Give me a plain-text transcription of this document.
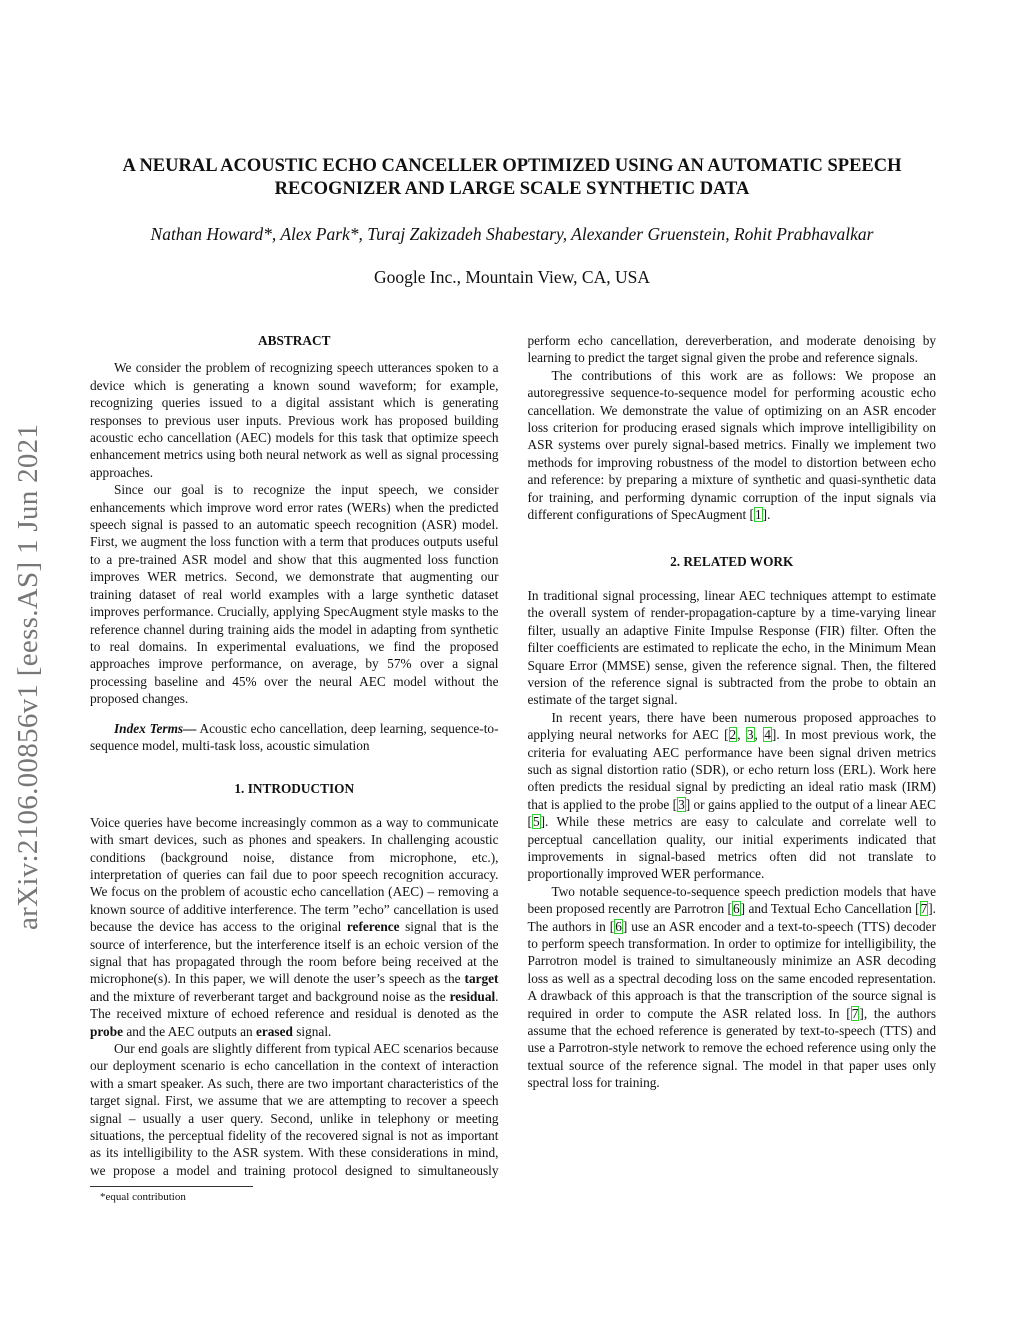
arXiv:2106.00856v1 [eess.AS] 1 Jun 2021
A NEURAL ACOUSTIC ECHO CANCELLER OPTIMIZED USING AN AUTOMATIC SPEECH RECOGNIZER AND LARGE SCALE SYNTHETIC DATA
Nathan Howard*, Alex Park*, Turaj Zakizadeh Shabestary, Alexander Gruenstein, Rohit Prabhavalkar
Google Inc., Mountain View, CA, USA
ABSTRACT

We consider the problem of recognizing speech utterances spoken to a device which is generating a known sound waveform; for example, recognizing queries issued to a digital assistant which is generating responses to previous user inputs. Previous work has proposed building acoustic echo cancellation (AEC) models for this task that optimize speech enhancement metrics using both neural network as well as signal processing approaches.

Since our goal is to recognize the input speech, we consider enhancements which improve word error rates (WERs) when the predicted speech signal is passed to an automatic speech recognition (ASR) model. First, we augment the loss function with a term that produces outputs useful to a pre-trained ASR model and show that this augmented loss function improves WER metrics. Second, we demonstrate that augmenting our training dataset of real world examples with a large synthetic dataset improves performance. Crucially, applying SpecAugment style masks to the reference channel during training aids the model in adapting from synthetic to real domains. In experimental evaluations, we find the proposed approaches improve performance, on average, by 57% over a signal processing baseline and 45% over the neural AEC model without the proposed changes.

Index Terms— Acoustic echo cancellation, deep learning, sequence-to-sequence model, multi-task loss, acoustic simulation

1. INTRODUCTION

Voice queries have become increasingly common as a way to communicate with smart devices, such as phones and speakers. In challenging acoustic conditions (background noise, distance from microphone, etc.), interpretation of queries can fail due to poor speech recognition accuracy. We focus on the problem of acoustic echo cancellation (AEC) – removing a known source of additive interference. The term ”echo” cancellation is used because the device has access to the original reference signal that is the source of interference, but the interference itself is an echoic version of the signal that has propagated through the room before being received at the microphone(s). In this paper, we will denote the user’s speech as the target and the mixture of reverberant target and background noise as the residual. The received mixture of echoed reference and residual is denoted as the probe and the AEC outputs an erased signal.

Our end goals are slightly different from typical AEC scenarios because our deployment scenario is echo cancellation in the context of interaction with a smart speaker. As such, there are two important characteristics of the target signal. First, we assume that we are attempting to recover a speech signal – usually a user query. Second, unlike in telephony or meeting situations, the perceptual fidelity of the recovered signal is not as important as its intelligibility to the ASR system. With these considerations in mind, we propose a model and training protocol designed to simultaneously perform echo cancellation, dereverberation, and moderate denoising by learning to predict the target signal given the probe and reference signals.

The contributions of this work are as follows: We propose an autoregressive sequence-to-sequence model for performing acoustic echo cancellation. We demonstrate the value of optimizing on an ASR encoder loss criterion for producing erased signals which improve intelligibility on ASR systems over purely signal-based metrics. Finally we implement two methods for improving robustness of the model to distortion between echo and reference: by preparing a mixture of synthetic and quasi-synthetic data for training, and performing dynamic corruption of the input signals via different configurations of SpecAugment [1].

2. RELATED WORK

In traditional signal processing, linear AEC techniques attempt to estimate the overall system of render-propagation-capture by a time-varying linear filter, usually an adaptive Finite Impulse Response (FIR) filter. Often the filter coefficients are estimated to replicate the echo, in the Minimum Mean Square Error (MMSE) sense, given the reference signal. Then, the filtered version of the reference signal is subtracted from the probe to obtain an estimate of the target signal.

In recent years, there have been numerous proposed approaches to applying neural networks for AEC [2, 3, 4]. In most previous work, the criteria for evaluating AEC performance have been signal driven metrics such as signal distortion ratio (SDR), or echo return loss (ERL). Work here often predicts the residual signal by predicting an ideal ratio mask (IRM) that is applied to the probe [3] or gains applied to the output of a linear AEC [5]. While these metrics are easy to calculate and correlate well to perceptual cancellation quality, our initial experiments indicated that improvements in signal-based metrics often did not translate to proportionally improved WER performance.

Two notable sequence-to-sequence speech prediction models that have been proposed recently are Parrotron [6] and Textual Echo Cancellation [7]. The authors in [6] use an ASR encoder and a text-to-speech (TTS) decoder to perform speech transformation. In order to optimize for intelligibility, the Parrotron model is trained to simultaneously minimize an ASR decoding loss as well as a spectral decoding loss on the same encoded representation. A drawback of this approach is that the transcription of the source signal is required in order to compute the ASR related loss. In [7], the authors assume that the echoed reference is generated by text-to-speech (TTS) and use a Parrotron-style network to remove the echoed reference using only the textual source of the reference signal. The model in that paper uses only spectral loss for training.

*equal contribution
